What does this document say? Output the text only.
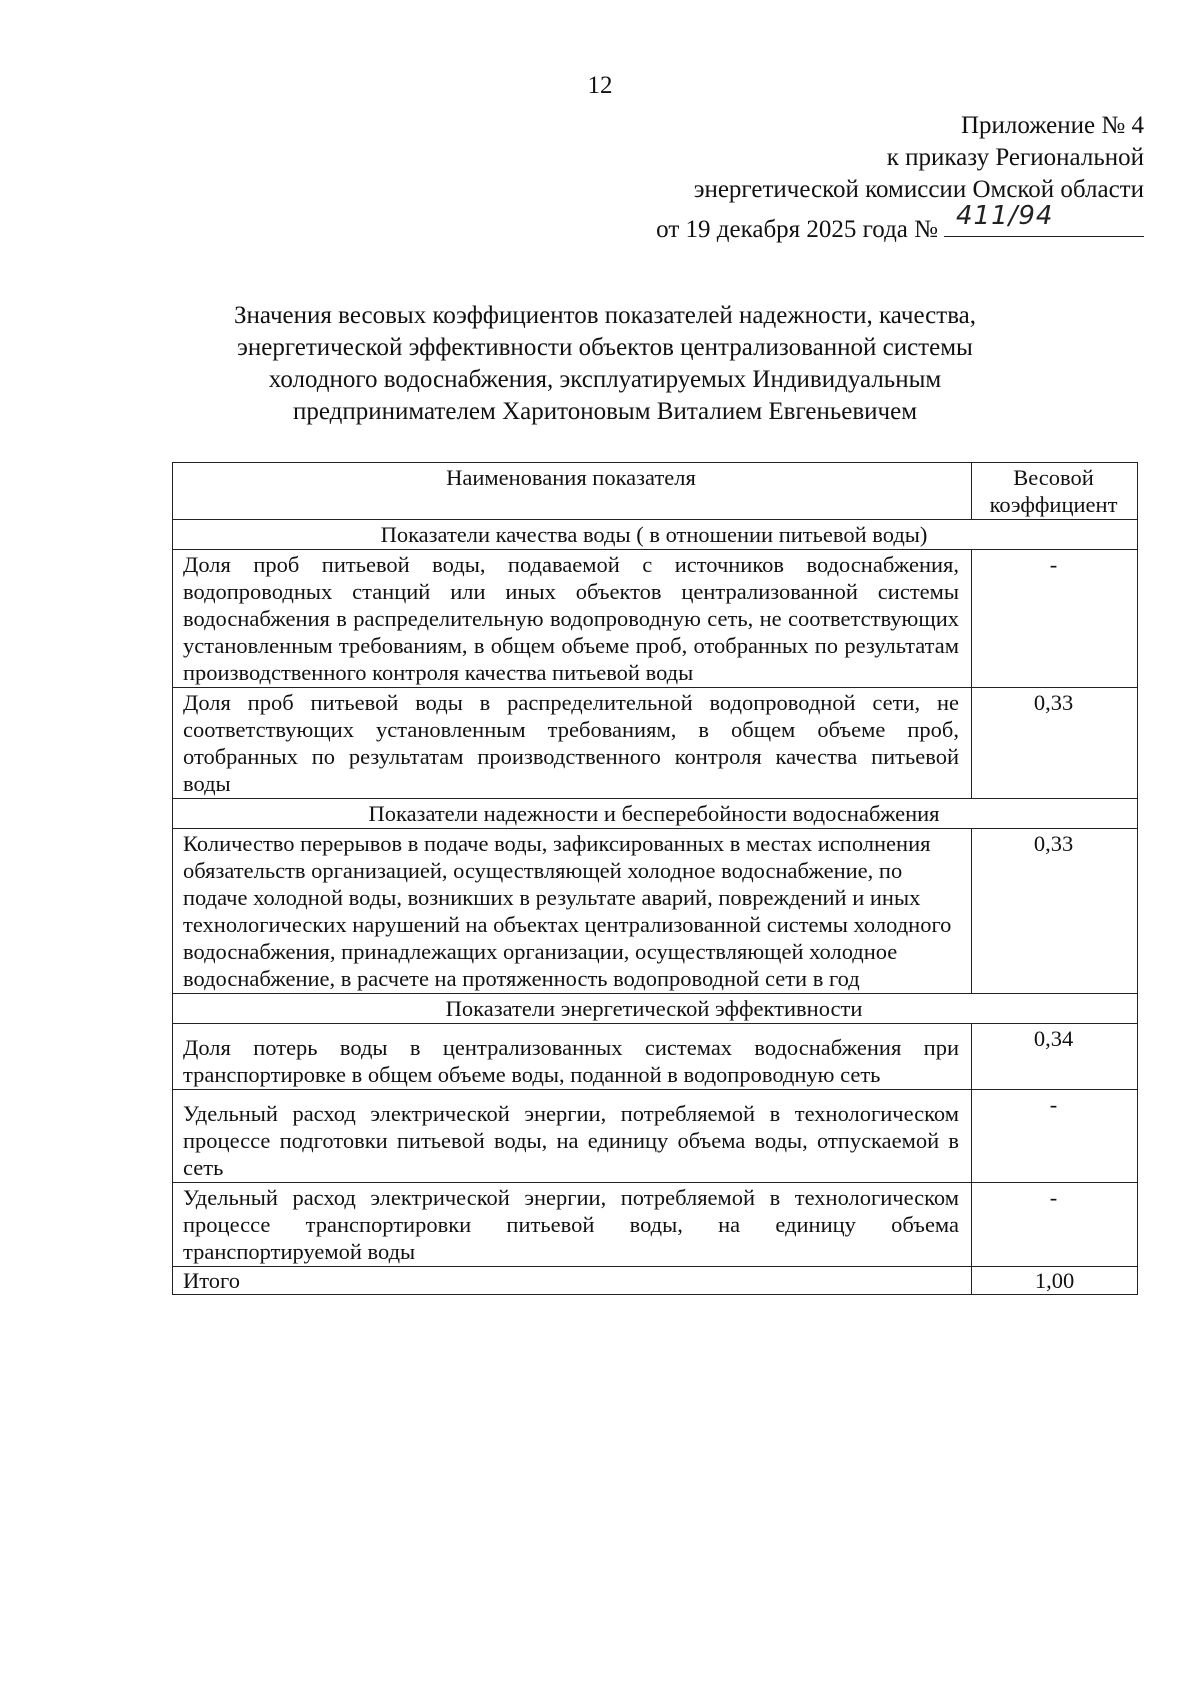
12
Приложение № 4
к приказу Региональной
энергетической комиссии Омской области
от 19 декабря 2025 года № 411/94
Значения весовых коэффициентов показателей надежности, качества,
энергетической эффективности объектов централизованной системы
холодного водоснабжения, эксплуатируемых Индивидуальным
предпринимателем Харитоновым Виталием Евгеньевичем
Наименования показателя	Весовой
коэффициент

Показатели качества воды ( в отношении питьевой воды)	
Доля проб питьевой воды, подаваемой с источников водоснабжения, водопроводных станций или иных объектов централизованной системы водоснабжения в распределительную водопроводную сеть, не соответствующих установленным требованиям, в общем объеме проб, отобранных по результатам производственного контроля качества питьевой воды	-
Доля проб питьевой воды в распределительной водопроводной сети, не соответствующих установленным требованиям, в общем объеме проб, отобранных по результатам производственного контроля качества питьевой воды	0,33
Показатели надежности и бесперебойности водоснабжения	
Количество перерывов в подаче воды, зафиксированных в местах исполнения обязательств организацией, осуществляющей холодное водоснабжение, по подаче холодной воды, возникших в результате аварий, повреждений и иных технологических нарушений на объектах централизованной системы холодного водоснабжения, принадлежащих организации, осуществляющей холодное водоснабжение, в расчете на протяженность водопроводной сети в год	0,33
Показатели энергетической эффективности	
Доля потерь воды в централизованных системах водоснабжения при транспортировке в общем объеме воды, поданной в водопроводную сеть	0,34
Удельный расход электрической энергии, потребляемой в технологическом процессе подготовки питьевой воды, на единицу объема воды, отпускаемой в сеть	-
Удельный расход электрической энергии, потребляемой в технологическом процессе транспортировки питьевой воды, на единицу объема транспортируемой воды	-
Итого	1,00
